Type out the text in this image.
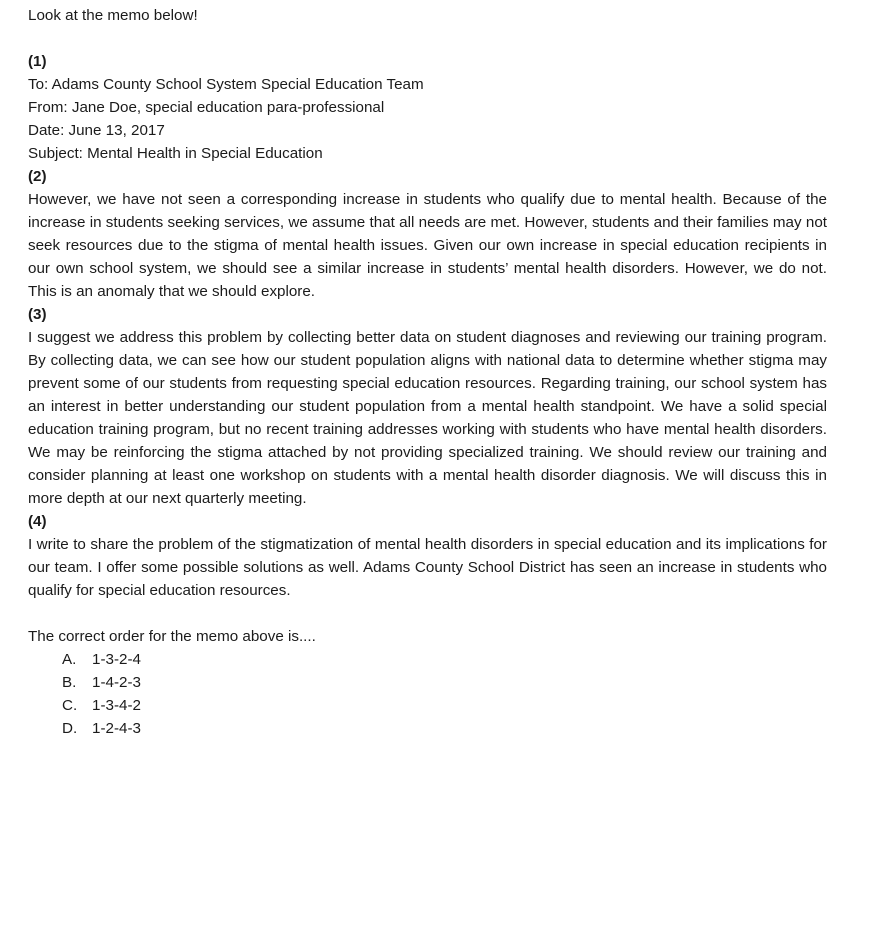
Look at the memo below!

(1)

To: Adams County School System Special Education Team

From: Jane Doe, special education para-professional

Date: June 13, 2017

Subject: Mental Health in Special Education

(2)

However, we have not seen a corresponding increase in students who qualify due to mental health. Because of the increase in students seeking services, we assume that all needs are met. However, students and their families may not seek resources due to the stigma of mental health issues. Given our own increase in special education recipients in our own school system, we should see a similar increase in students’ mental health disorders. However, we do not. This is an anomaly that we should explore.

(3)

I suggest we address this problem by collecting better data on student diagnoses and reviewing our training program. By collecting data, we can see how our student population aligns with national data to determine whether stigma may prevent some of our students from requesting special education resources. Regarding training, our school system has an interest in better understanding our student population from a mental health standpoint. We have a solid special education training program, but no recent training addresses working with students who have mental health disorders. We may be reinforcing the stigma attached by not providing specialized training. We should review our training and consider planning at least one workshop on students with a mental health disorder diagnosis. We will discuss this in more depth at our next quarterly meeting.

(4)

I write to share the problem of the stigmatization of mental health disorders in special education and its implications for our team. I offer some possible solutions as well. Adams County School District has seen an increase in students who qualify for special education resources.

The correct order for the memo above is....

A. 1-3-2-4
B. 1-4-2-3
C. 1-3-4-2
D. 1-2-4-3
